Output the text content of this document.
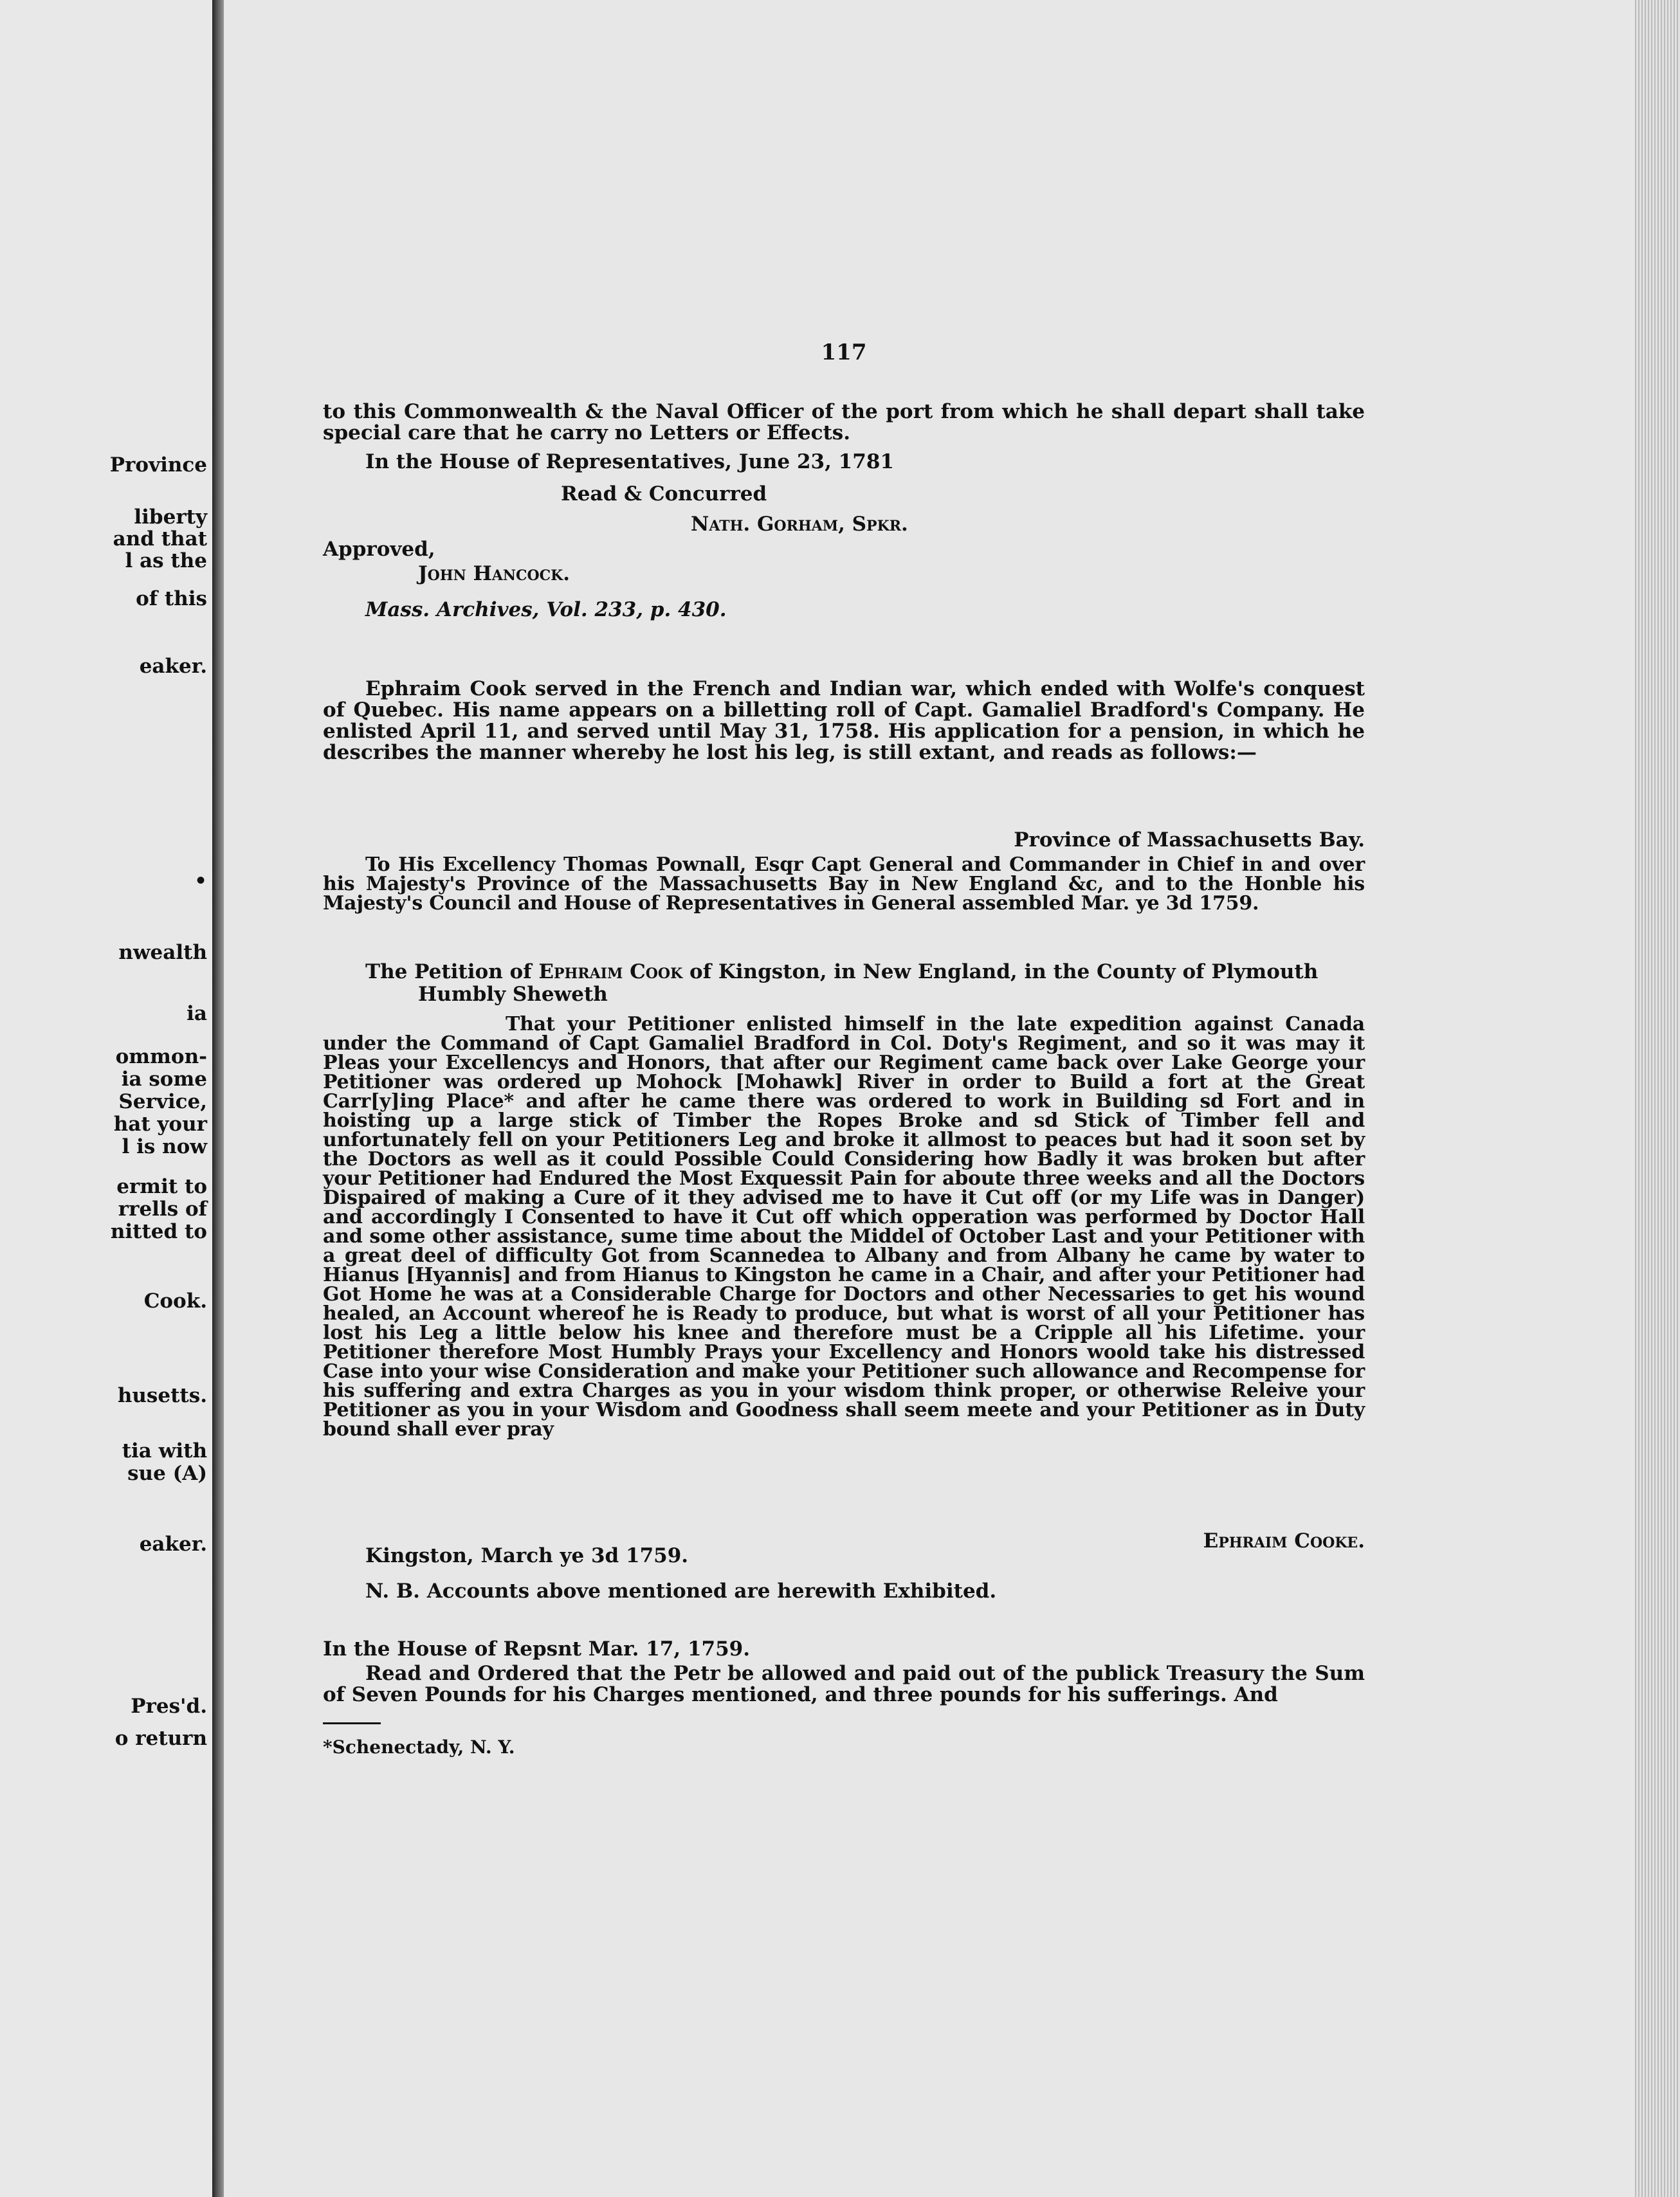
Province
liberty
and that
l as the
of this
eaker.
•
nwealth
ia
ommon-
ia some
Service,
hat your
l is now
ermit to
rrells of
nitted to
Cook.
husetts.
tia with
sue (A)
eaker.
Pres'd.
o return
117
to this Commonwealth & the Naval Officer of the port from which he shall depart shall take special care that he carry no Letters or Effects.
In the House of Representatives, June 23, 1781
Read & Concurred
Nath. Gorham, Spkr.
Approved,
John Hancock.
Mass. Archives, Vol. 233, p. 430.
Ephraim Cook served in the French and Indian war, which ended with Wolfe's conquest of Quebec. His name appears on a billetting roll of Capt. Gamaliel Bradford's Company. He enlisted April 11, and served until May 31, 1758. His application for a pension, in which he describes the manner whereby he lost his leg, is still extant, and reads as follows:—
Province of Massachusetts Bay.
To His Excellency Thomas Pownall, Esqr Capt General and Commander in Chief in and over his Majesty's Province of the Massachusetts Bay in New England &c, and to the Honble his Majesty's Council and House of Representatives in General assembled Mar. ye 3d 1759.
The Petition of Ephraim Cook of Kingston, in New England, in the County of Plymouth
Humbly Sheweth
That your Petitioner enlisted himself in the late expedition against Canada under the Command of Capt Gamaliel Bradford in Col. Doty's Regiment, and so it was may it Pleas your Excellencys and Honors, that after our Regiment came back over Lake George your Petitioner was ordered up Mohock [Mohawk] River in order to Build a fort at the Great Carr[y]ing Place* and after he came there was ordered to work in Building sd Fort and in hoisting up a large stick of Timber the Ropes Broke and sd Stick of Timber fell and unfortunately fell on your Petitioners Leg and broke it allmost to peaces but had it soon set by the Doctors as well as it could Possible Could Considering how Badly it was broken but after your Petitioner had Endured the Most Exquessit Pain for aboute three weeks and all the Doctors Dispaired of making a Cure of it they advised me to have it Cut off (or my Life was in Danger) and accordingly I Consented to have it Cut off which opperation was performed by Doctor Hall and some other assistance, sume time about the Middel of October Last and your Petitioner with a great deel of difficulty Got from Scannedea to Albany and from Albany he came by water to Hianus [Hyannis] and from Hianus to Kingston he came in a Chair, and after your Petitioner had Got Home he was at a Considerable Charge for Doctors and other Necessaries to get his wound healed, an Account whereof he is Ready to produce, but what is worst of all your Petitioner has lost his Leg a little below his knee and therefore must be a Cripple all his Lifetime. your Petitioner therefore Most Humbly Prays your Excellency and Honors woold take his distressed Case into your wise Consideration and make your Petitioner such allowance and Recompense for his suffering and extra Charges as you in your wisdom think proper, or otherwise Releive your Petitioner as you in your Wisdom and Goodness shall seem meete and your Petitioner as in Duty bound shall ever pray
Ephraim Cooke.
Kingston, March ye 3d 1759.
N. B. Accounts above mentioned are herewith Exhibited.
In the House of Repsnt Mar. 17, 1759.
Read and Ordered that the Petr be allowed and paid out of the publick Treasury the Sum of Seven Pounds for his Charges mentioned, and three pounds for his sufferings. And
*Schenectady, N. Y.
